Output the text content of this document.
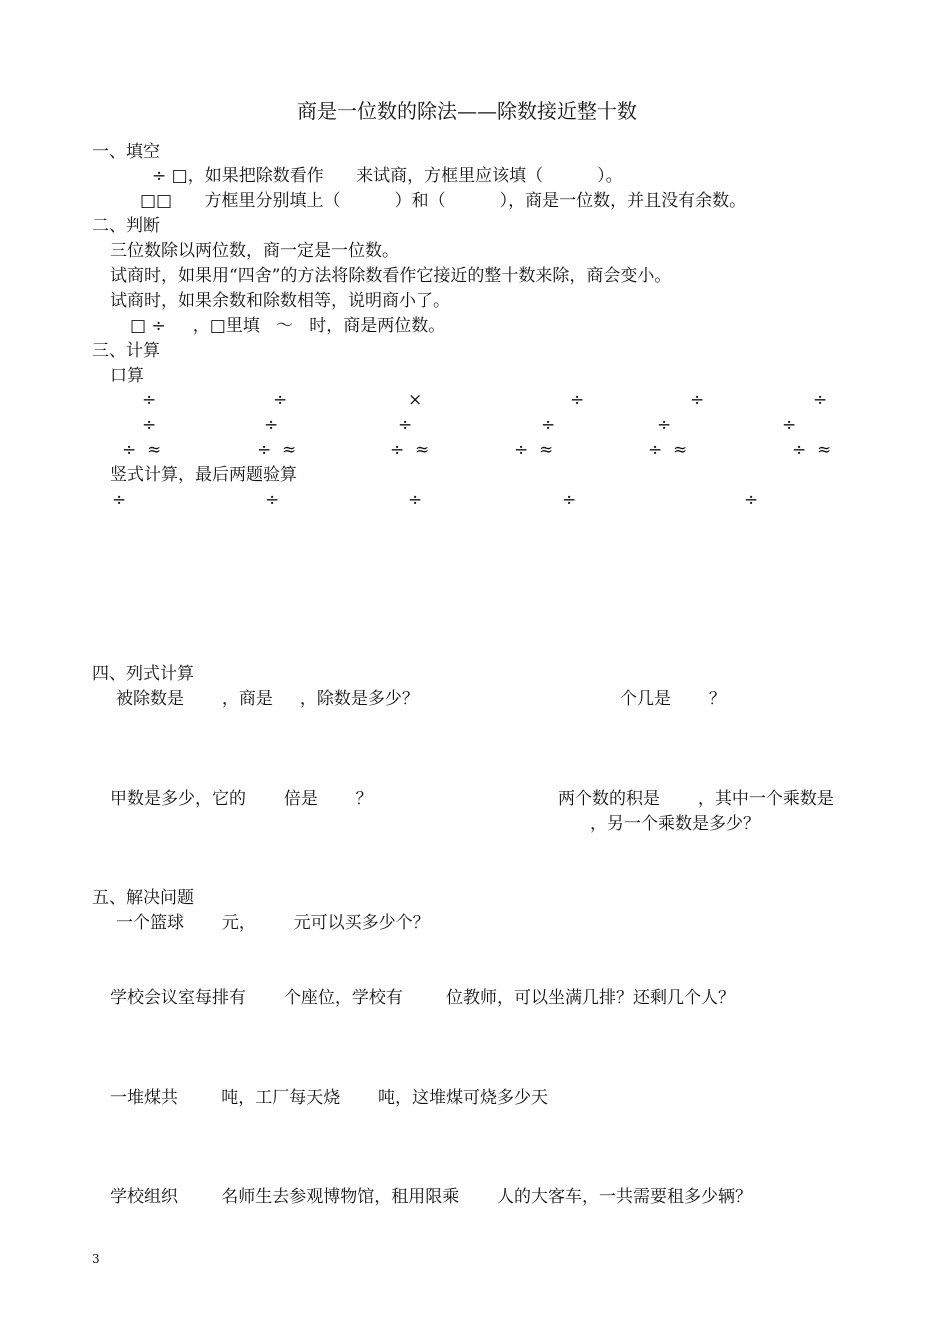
商是一位数的除法——除数接近整十数
一、填空
÷ □，如果把除数看作      来试商，方框里应该填（          ）。
□□      方框里分别填上（          ）和（          ），商是一位数，并且没有余数。
二、判断
三位数除以两位数，商一定是一位数。
试商时，如果用“四舍”的方法将除数看作它接近的整十数来除，商会变小。
试商时，如果余数和除数相等，说明商小了。
□ ÷     ，□里填   ～   时，商是两位数。
三、计算
口算
÷	÷	×	÷	÷	÷
÷	÷	÷	÷	÷	÷
÷  ≈	÷  ≈	÷  ≈	÷  ≈	÷  ≈	÷  ≈
竖式计算，最后两题验算
÷	÷	÷	÷	÷
四、列式计算
被除数是       ，商是     ，除数是多少？	个几是       ？
甲数是多少，它的       倍是       ？	两个数的积是       ，其中一个乘数是
，另一个乘数是多少？
五、解决问题
一个篮球       元，       元可以买多少个？
学校会议室每排有       个座位，学校有        位教师，可以坐满几排？还剩几个人？
一堆煤共        吨，工厂每天烧       吨，这堆煤可烧多少天
学校组织        名师生去参观博物馆，租用限乘       人的大客车，一共需要租多少辆？
3
